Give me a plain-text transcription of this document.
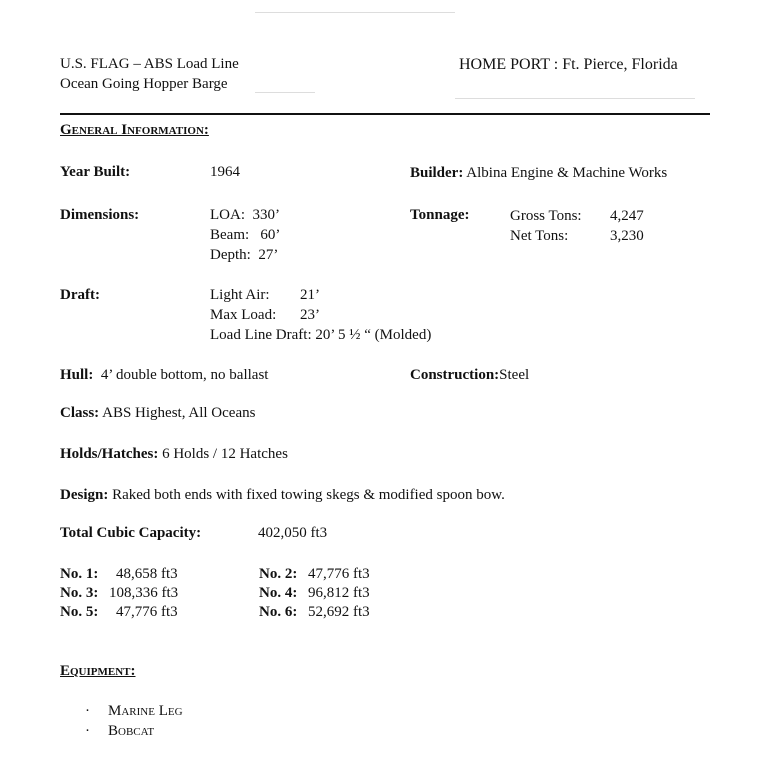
U.S. FLAG – ABS Load Line
Ocean Going Hopper Barge
HOME PORT : Ft. Pierce, Florida
General Information:
Year Built:	1964	Builder: Albina Engine & Machine Works
Dimensions:	LOA:  330’
Beam:   60’
Depth:  27’
Tonnage:	Gross Tons: 4,247
Net Tons:	3,230
Draft:	Light Air: 21’
Max Load: 23’
Load Line Draft: 20’ 5 ½ “ (Molded)
Hull: 4’ double bottom, no ballast	Construction:Steel
Class: ABS Highest, All Oceans
Holds/Hatches: 6 Holds / 12 Hatches
Design: Raked both ends with fixed towing skegs & modified spoon bow.
Total Cubic Capacity:	402,050 ft3
No. 1: 48,658 ft3	No. 2: 47,776 ft3
No. 3: 108,336 ft3	No. 4: 96,812 ft3
No. 5: 47,776 ft3	No. 6: 52,692 ft3
Equipment:
· Marine Leg
· Bobcat
